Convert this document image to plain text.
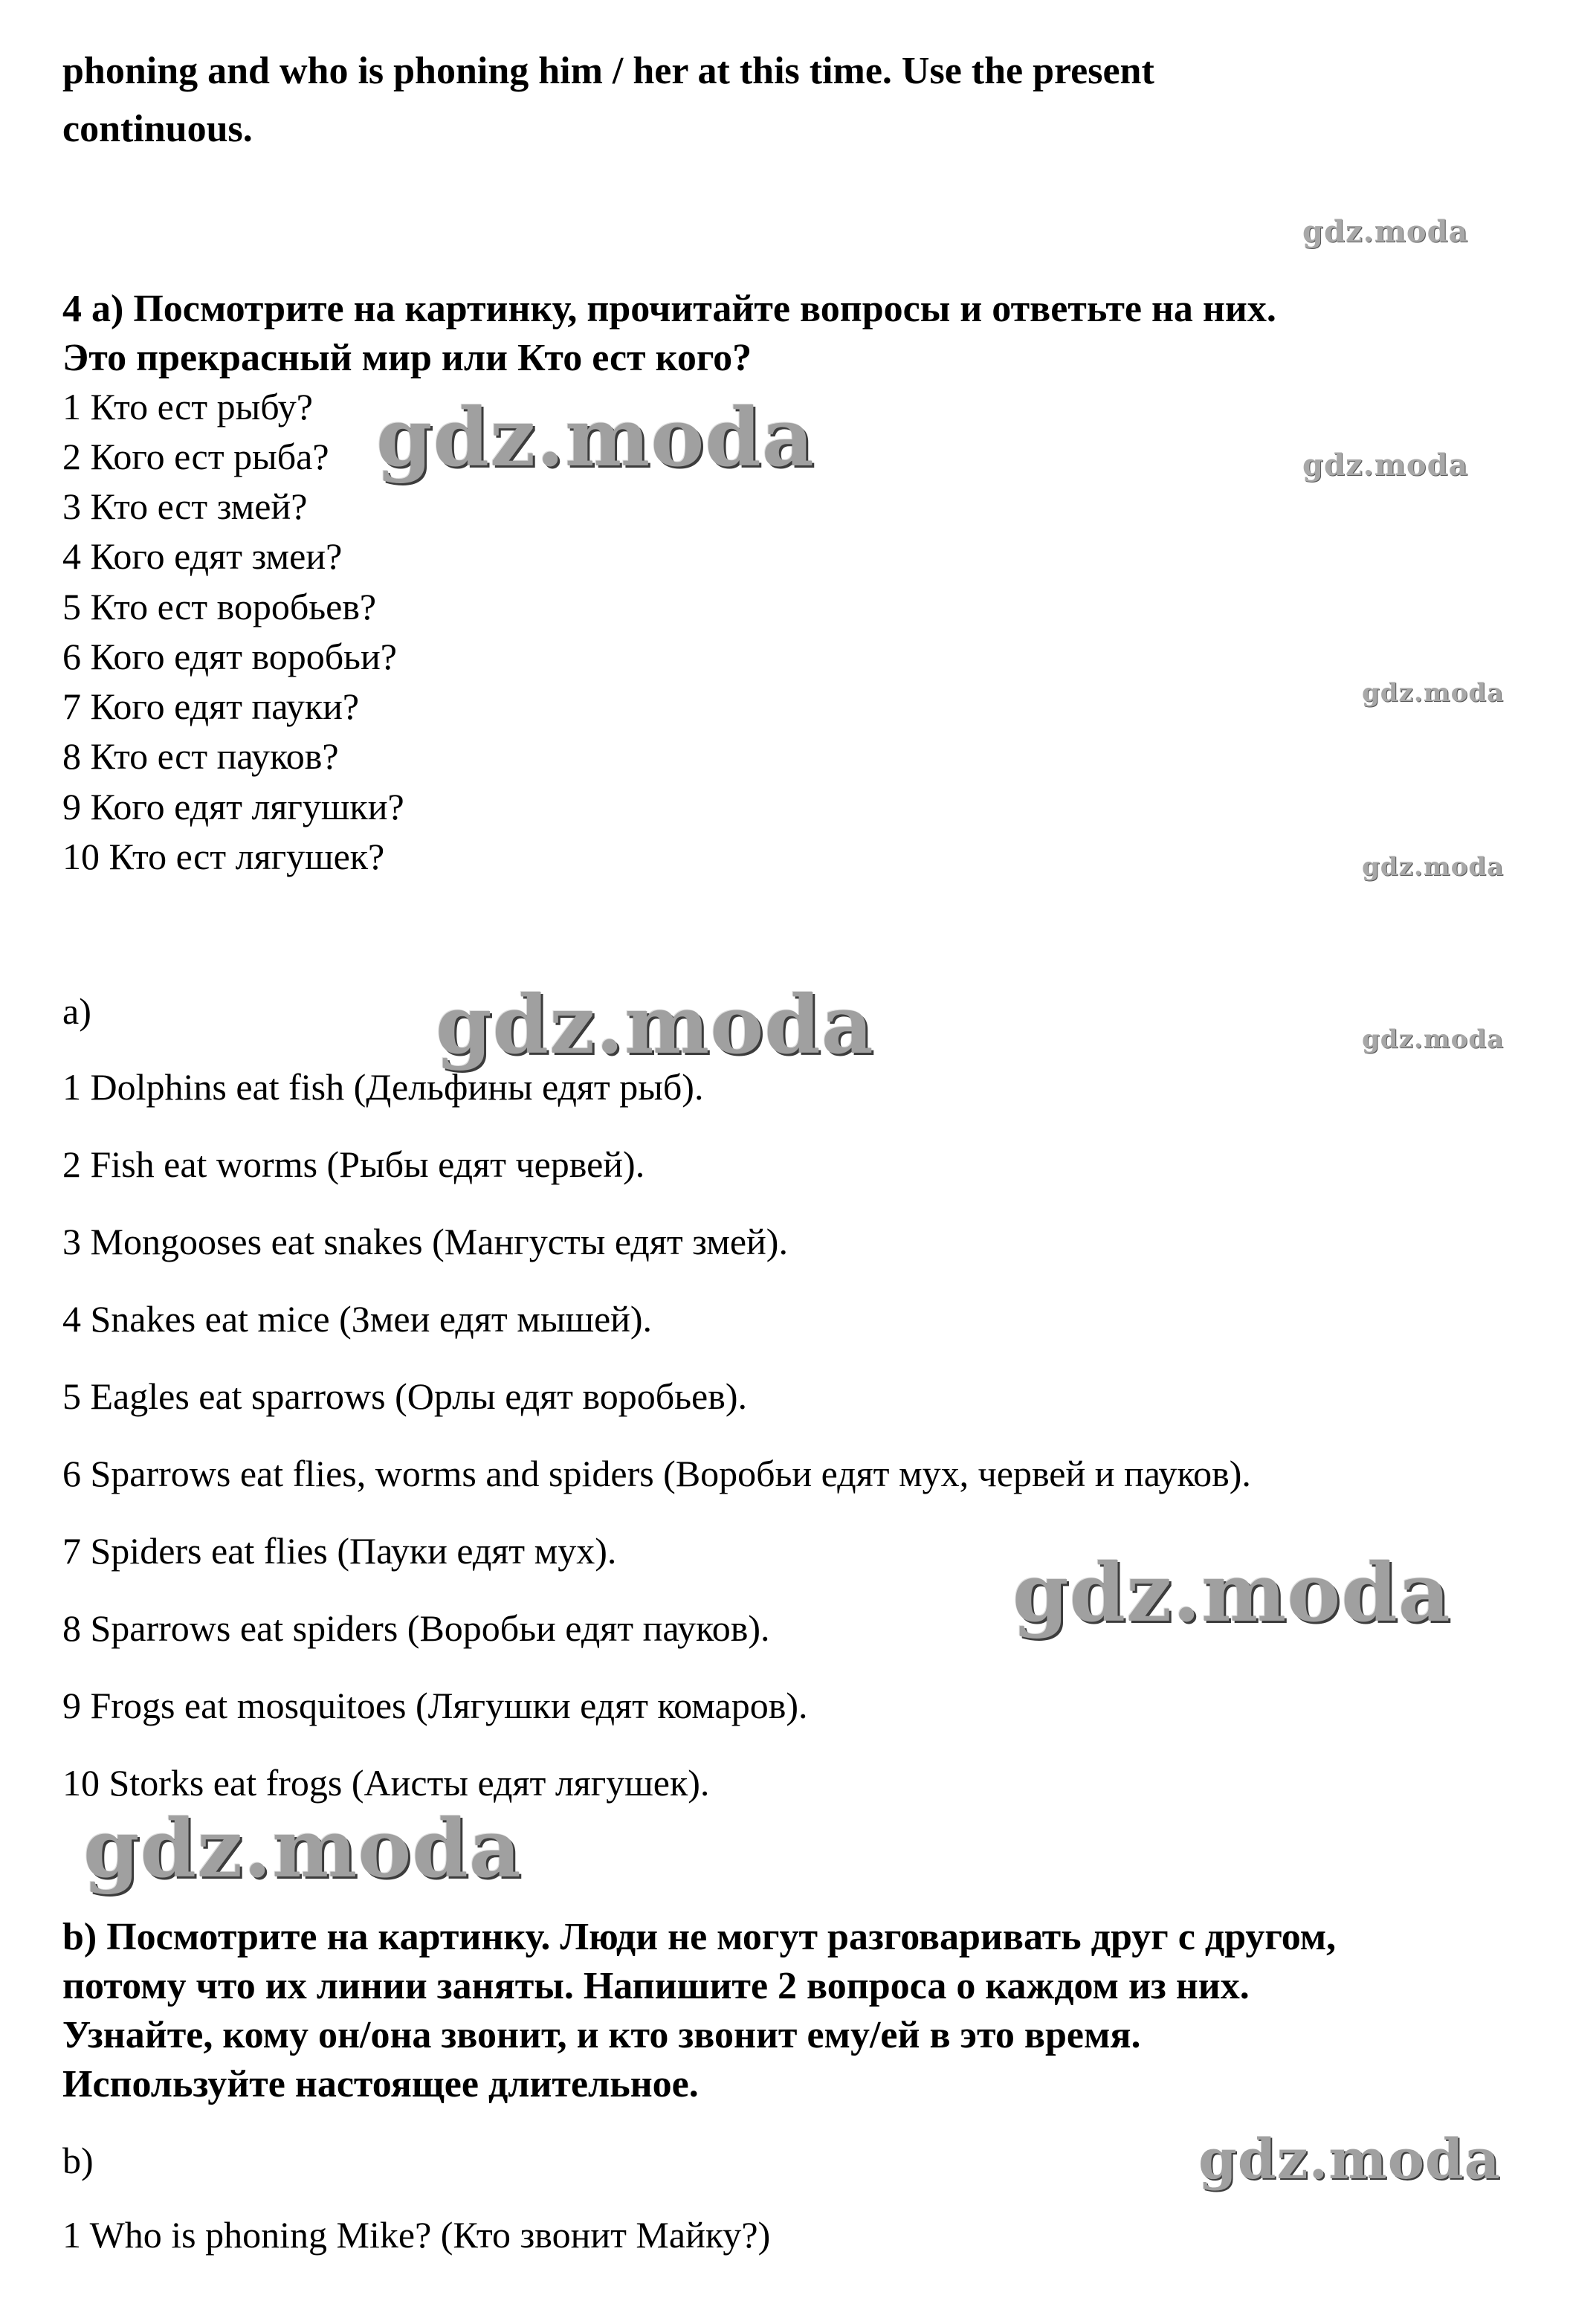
phoning and who is phoning him / her at this time. Use the present
continuous.
4 a) Посмотрите на картинку, прочитайте вопросы и ответьте на них.
Это прекрасный мир или Кто ест кого?
1 Кто ест рыбу?
2 Кого ест рыба?
3 Кто ест змей?
4 Кого едят змеи?
5 Кто ест воробьев?
6 Кого едят воробьи?
7 Кого едят пауки?
8 Кто ест пауков?
9 Кого едят лягушки?
10 Кто ест лягушек?
a)
1 Dolphins eat fish (Дельфины едят рыб).
2 Fish eat worms (Рыбы едят червей).
3 Mongooses eat snakes (Мангусты едят змей).
4 Snakes eat mice (Змеи едят мышей).
5 Eagles eat sparrows (Орлы едят воробьев).
6 Sparrows eat flies, worms and spiders (Воробьи едят мух, червей и пауков).
7 Spiders eat flies (Пауки едят мух).
8 Sparrows eat spiders (Воробьи едят пауков).
9 Frogs eat mosquitoes (Лягушки едят комаров).
10 Storks eat frogs (Аисты едят лягушек).
b) Посмотрите на картинку. Люди не могут разговаривать друг с другом,
потому что их линии заняты. Напишите 2 вопроса о каждом из них.
Узнайте, кому он/она звонит, и кто звонит ему/ей в это время.
Используйте настоящее длительное.
b)
1 Who is phoning Mike? (Кто звонит Майку?)
gdz.moda
gdz.moda	gdz.moda
gdz.moda
gdz.moda
gdz.moda	gdz.moda
gdz.moda
gdz.moda
gdz.moda
